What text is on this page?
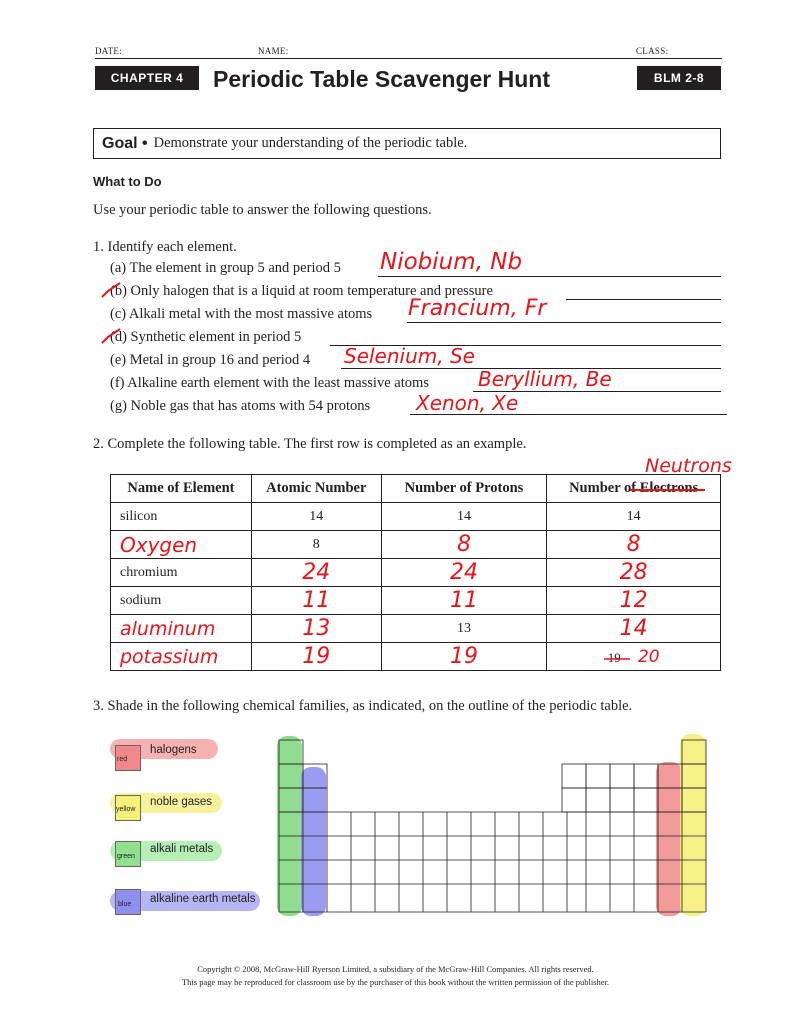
DATE:	NAME:	CLASS:
CHAPTER 4	Periodic Table Scavenger Hunt	BLM 2-8
Goal • Demonstrate your understanding of the periodic table.
What to Do
Use your periodic table to answer the following questions.
1. Identify each element.
(a) The element in group 5 and period 5 Niobium, Nb
(b) Only halogen that is a liquid at room temperature and pressure
(c) Alkali metal with the most massive atoms Francium, Fr
(d) Synthetic element in period 5
(e) Metal in group 16 and period 4 Selenium, Se
(f) Alkaline earth element with the least massive atoms Beryllium, Be
(g) Noble gas that has atoms with 54 protons Xenon, Xe
2. Complete the following table. The first row is completed as an example.
Neutrons
Name of Element	Atomic Number	Number of Protons	Number of Electrons

silicon	14	14	14
Oxygen	8	8	8
chromium	24	24	28
sodium	11	11	12
aluminum	13	13	14
potassium	19	19	19 20
3. Shade in the following chemical families, as indicated, on the outline of the periodic table.
red
halogens
yellow
noble gases
green
alkali metals
blue alkaline earth metals
Copyright © 2008, McGraw-Hill Ryerson Limited, a subsidiary of the McGraw-Hill Companies. All rights reserved.
This page may be reproduced for classroom use by the purchaser of this book without the written permission of the publisher.
